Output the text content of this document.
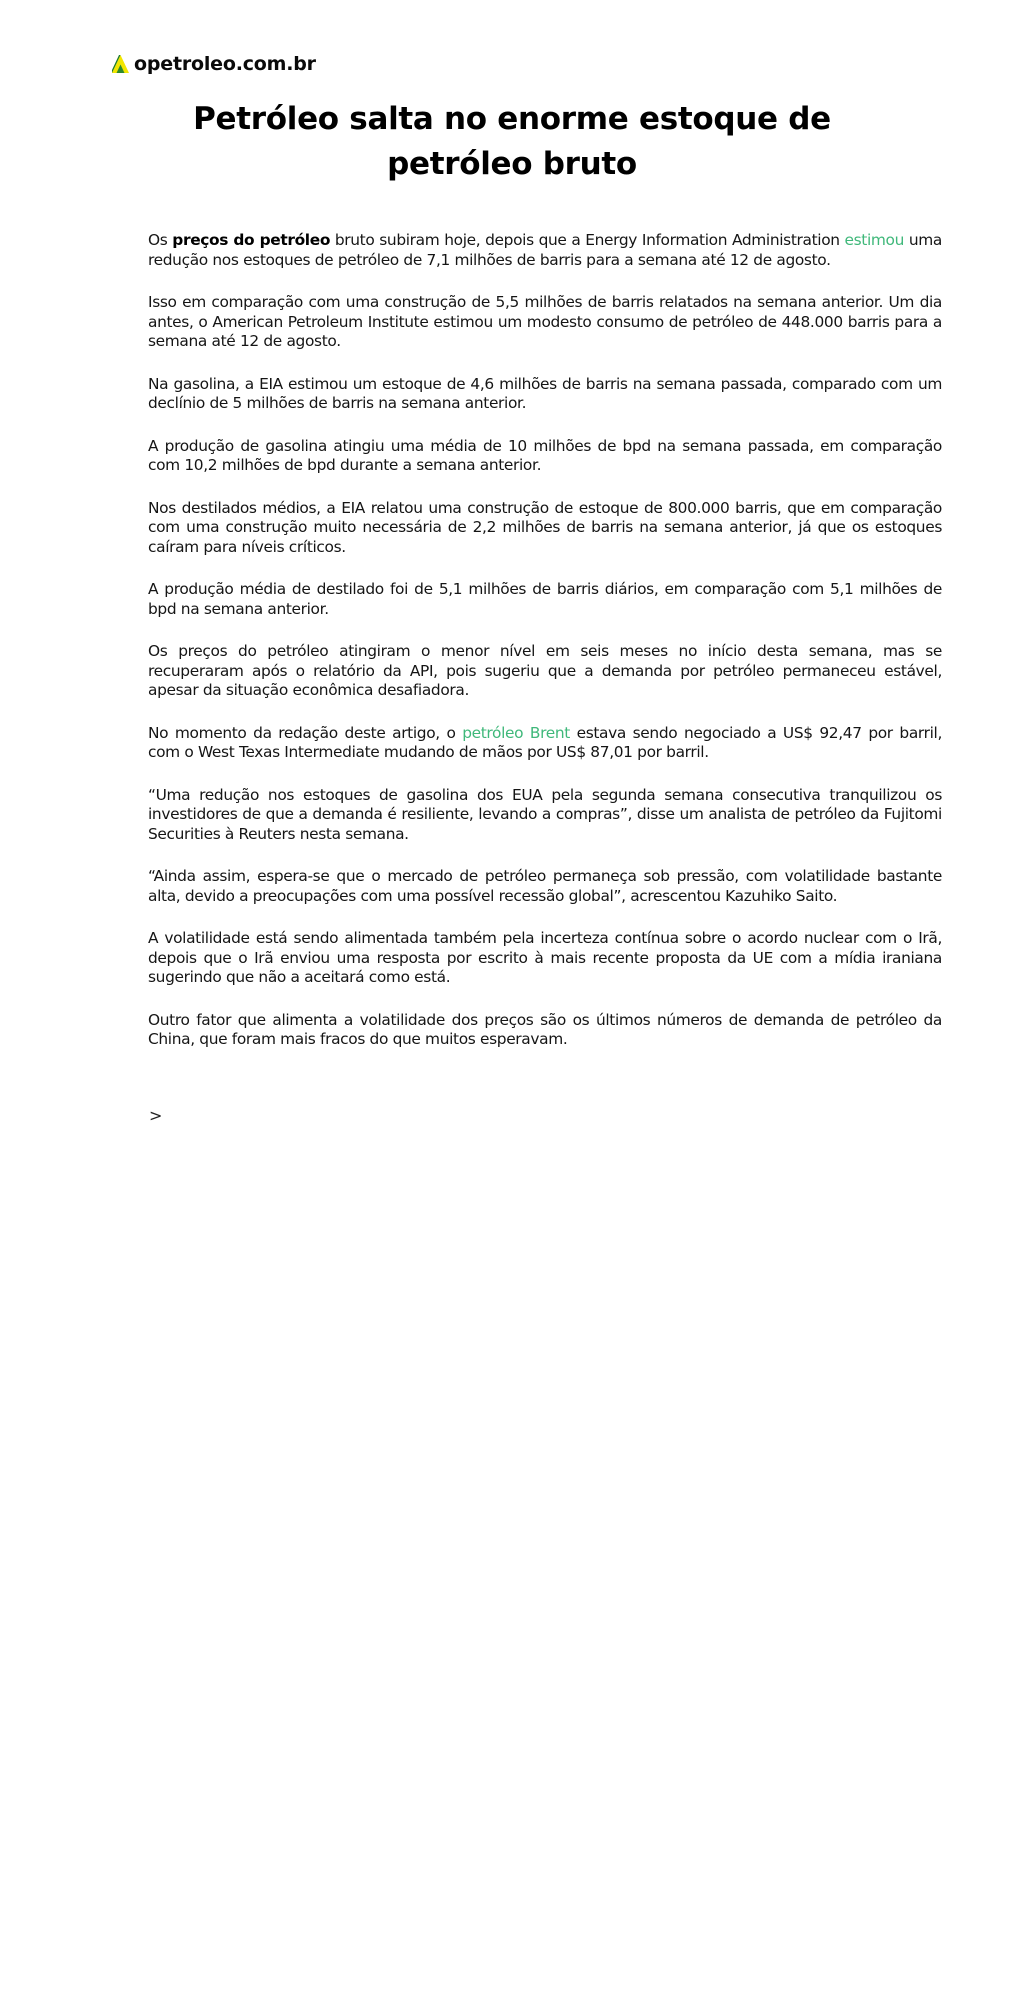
opetroleo.com.br
Petróleo salta no enorme estoque de petróleo bruto

Os preços do petróleo bruto subiram hoje, depois que a Energy Information Administration estimou uma redução nos estoques de petróleo de 7,1 milhões de barris para a semana até 12 de agosto.

Isso em comparação com uma construção de 5,5 milhões de barris relatados na semana anterior. Um dia antes, o American Petroleum Institute estimou um modesto consumo de petróleo de 448.000 barris para a semana até 12 de agosto.

Na gasolina, a EIA estimou um estoque de 4,6 milhões de barris na semana passada, comparado com um declínio de 5 milhões de barris na semana anterior.

A produção de gasolina atingiu uma média de 10 milhões de bpd na semana passada, em comparação com 10,2 milhões de bpd durante a semana anterior.

Nos destilados médios, a EIA relatou uma construção de estoque de 800.000 barris, que em comparação com uma construção muito necessária de 2,2 milhões de barris na semana anterior, já que os estoques caíram para níveis críticos.

A produção média de destilado foi de 5,1 milhões de barris diários, em comparação com 5,1 milhões de bpd na semana anterior.

Os preços do petróleo atingiram o menor nível em seis meses no início desta semana, mas se recuperaram após o relatório da API, pois sugeriu que a demanda por petróleo permaneceu estável, apesar da situação econômica desafiadora.

No momento da redação deste artigo, o petróleo Brent estava sendo negociado a US$ 92,47 por barril, com o West Texas Intermediate mudando de mãos por US$ 87,01 por barril.

“Uma redução nos estoques de gasolina dos EUA pela segunda semana consecutiva tranquilizou os investidores de que a demanda é resiliente, levando a compras”, disse um analista de petróleo da Fujitomi Securities à Reuters nesta semana.

“Ainda assim, espera-se que o mercado de petróleo permaneça sob pressão, com volatilidade bastante alta, devido a preocupações com uma possível recessão global”, acrescentou Kazuhiko Saito.

A volatilidade está sendo alimentada também pela incerteza contínua sobre o acordo nuclear com o Irã, depois que o Irã enviou uma resposta por escrito à mais recente proposta da UE com a mídia iraniana sugerindo que não a aceitará como está.

Outro fator que alimenta a volatilidade dos preços são os últimos números de demanda de petróleo da China, que foram mais fracos do que muitos esperavam.

>
